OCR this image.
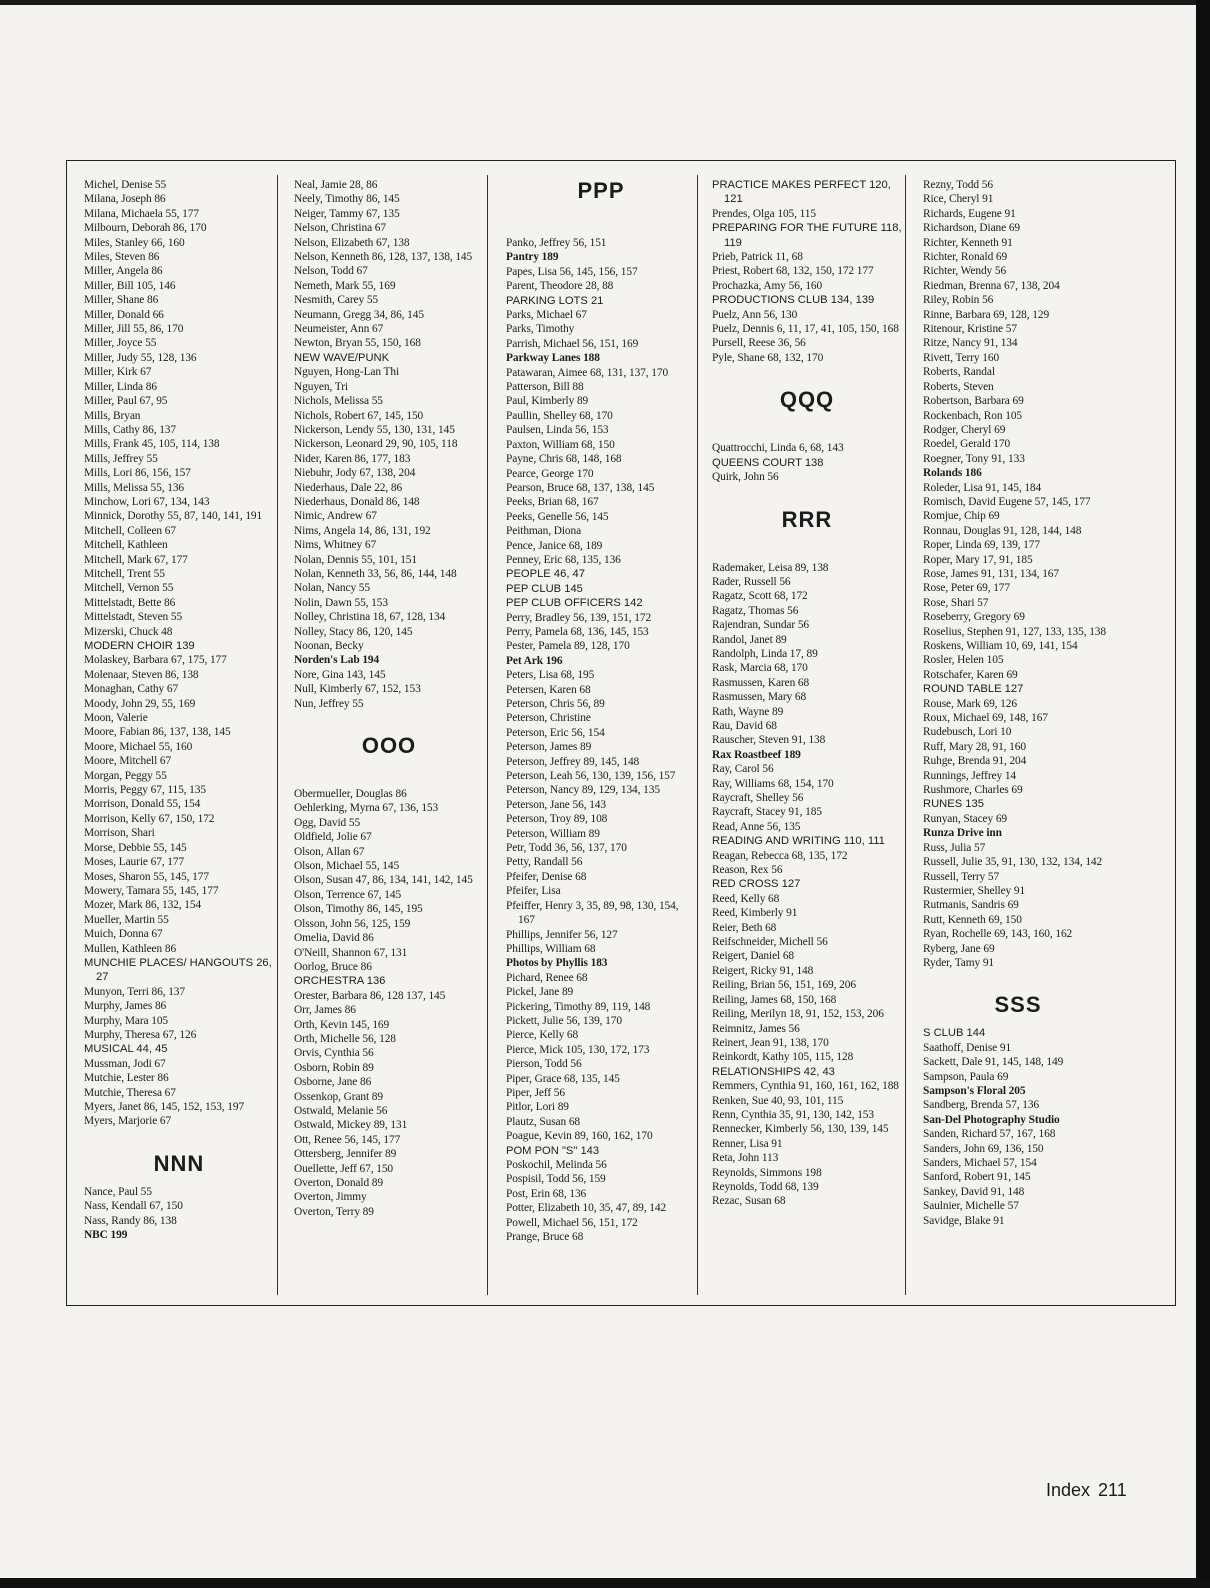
Michel, Denise 55
Milana, Joseph 86
Milana, Michaela 55, 177
Milbourn, Deborah 86, 170
Miles, Stanley 66, 160
Miles, Steven 86
Miller, Angela 86
Miller, Bill 105, 146
Miller, Shane 86
Miller, Donald 66
Miller, Jill 55, 86, 170
Miller, Joyce 55
Miller, Judy 55, 128, 136
Miller, Kirk 67
Miller, Linda 86
Miller, Paul 67, 95
Mills, Bryan
Mills, Cathy 86, 137
Mills, Frank 45, 105, 114, 138
Mills, Jeffrey 55
Mills, Lori 86, 156, 157
Mills, Melissa 55, 136
Minchow, Lori 67, 134, 143
Minnick, Dorothy 55, 87, 140, 141, 191
Mitchell, Colleen 67
Mitchell, Kathleen
Mitchell, Mark 67, 177
Mitchell, Trent 55
Mitchell, Vernon 55
Mittelstadt, Bette 86
Mittelstadt, Steven 55
Mizerski, Chuck 48
MODERN CHOIR 139
Molaskey, Barbara 67, 175, 177
Molenaar, Steven 86, 138
Monaghan, Cathy 67
Moody, John 29, 55, 169
Moon, Valerie
Moore, Fabian 86, 137, 138, 145
Moore, Michael 55, 160
Moore, Mitchell 67
Morgan, Peggy 55
Morris, Peggy 67, 115, 135
Morrison, Donald 55, 154
Morrison, Kelly 67, 150, 172
Morrison, Shari
Morse, Debbie 55, 145
Moses, Laurie 67, 177
Moses, Sharon 55, 145, 177
Mowery, Tamara 55, 145, 177
Mozer, Mark 86, 132, 154
Mueller, Martin 55
Muich, Donna 67
Mullen, Kathleen 86
MUNCHIE PLACES/ HANGOUTS 26, 27
Munyon, Terri 86, 137
Murphy, James 86
Murphy, Mara 105
Murphy, Theresa 67, 126
MUSICAL 44, 45
Mussman, Jodi 67
Mutchie, Lester 86
Mutchie, Theresa 67
Myers, Janet 86, 145, 152, 153, 197
Myers, Marjorie 67
NNN
Nance, Paul 55
Nass, Kendall 67, 150
Nass, Randy 86, 138
NBC 199
Neal, Jamie 28, 86
Neely, Timothy 86, 145
Neiger, Tammy 67, 135
Nelson, Christina 67
Nelson, Elizabeth 67, 138
Nelson, Kenneth 86, 128, 137, 138, 145
Nelson, Todd 67
Nemeth, Mark 55, 169
Nesmith, Carey 55
Neumann, Gregg 34, 86, 145
Neumeister, Ann 67
Newton, Bryan 55, 150, 168
NEW WAVE/PUNK
Nguyen, Hong-Lan Thi
Nguyen, Tri
Nichols, Melissa 55
Nichols, Robert 67, 145, 150
Nickerson, Lendy 55, 130, 131, 145
Nickerson, Leonard 29, 90, 105, 118
Nider, Karen 86, 177, 183
Niebuhr, Jody 67, 138, 204
Niederhaus, Dale 22, 86
Niederhaus, Donald 86, 148
Nimic, Andrew 67
Nims, Angela 14, 86, 131, 192
Nims, Whitney 67
Nolan, Dennis 55, 101, 151
Nolan, Kenneth 33, 56, 86, 144, 148
Nolan, Nancy 55
Nolin, Dawn 55, 153
Nolley, Christina 18, 67, 128, 134
Nolley, Stacy 86, 120, 145
Noonan, Becky
Norden's Lab 194
Nore, Gina 143, 145
Null, Kimberly 67, 152, 153
Nun, Jeffrey 55
OOO
Obermueller, Douglas 86
Oehlerking, Myrna 67, 136, 153
Ogg, David 55
Oldfield, Jolie 67
Olson, Allan 67
Olson, Michael 55, 145
Olson, Susan 47, 86, 134, 141, 142, 145
Olson, Terrence 67, 145
Olson, Timothy 86, 145, 195
Olsson, John 56, 125, 159
Omelia, David 86
O'Neill, Shannon 67, 131
Oorlog, Bruce 86
ORCHESTRA 136
Orester, Barbara 86, 128 137, 145
Orr, James 86
Orth, Kevin 145, 169
Orth, Michelle 56, 128
Orvis, Cynthia 56
Osborn, Robin 89
Osborne, Jane 86
Ossenkop, Grant 89
Ostwald, Melanie 56
Ostwald, Mickey 89, 131
Ott, Renee 56, 145, 177
Ottersberg, Jennifer 89
Ouellette, Jeff 67, 150
Overton, Donald 89
Overton, Jimmy
Overton, Terry 89
PPP
Panko, Jeffrey 56, 151
Pantry 189
Papes, Lisa 56, 145, 156, 157
Parent, Theodore 28, 88
PARKING LOTS 21
Parks, Michael 67
Parks, Timothy
Parrish, Michael 56, 151, 169
Parkway Lanes 188
Patawaran, Aimee 68, 131, 137, 170
Patterson, Bill 88
Paul, Kimberly 89
Paullin, Shelley 68, 170
Paulsen, Linda 56, 153
Paxton, William 68, 150
Payne, Chris 68, 148, 168
Pearce, George 170
Pearson, Bruce 68, 137, 138, 145
Peeks, Brian 68, 167
Peeks, Genelle 56, 145
Peithman, Diona
Pence, Janice 68, 189
Penney, Eric 68, 135, 136
PEOPLE 46, 47
PEP CLUB 145
PEP CLUB OFFICERS 142
Perry, Bradley 56, 139, 151, 172
Perry, Pamela 68, 136, 145, 153
Pester, Pamela 89, 128, 170
Pet Ark 196
Peters, Lisa 68, 195
Petersen, Karen 68
Peterson, Chris 56, 89
Peterson, Christine
Peterson, Eric 56, 154
Peterson, James 89
Peterson, Jeffrey 89, 145, 148
Peterson, Leah 56, 130, 139, 156, 157
Peterson, Nancy 89, 129, 134, 135
Peterson, Jane 56, 143
Peterson, Troy 89, 108
Peterson, William 89
Petr, Todd 36, 56, 137, 170
Petty, Randall 56
Pfeifer, Denise 68
Pfeifer, Lisa
Pfeiffer, Henry 3, 35, 89, 98, 130, 154, 167
Phillips, Jennifer 56, 127
Phillips, William 68
Photos by Phyllis 183
Pichard, Renee 68
Pickel, Jane 89
Pickering, Timothy 89, 119, 148
Pickett, Julie 56, 139, 170
Pierce, Kelly 68
Pierce, Mick 105, 130, 172, 173
Pierson, Todd 56
Piper, Grace 68, 135, 145
Piper, Jeff 56
Pitlor, Lori 89
Plautz, Susan 68
Poague, Kevin 89, 160, 162, 170
POM PON "S" 143
Poskochil, Melinda 56
Pospisil, Todd 56, 159
Post, Erin 68, 136
Potter, Elizabeth 10, 35, 47, 89, 142
Powell, Michael 56, 151, 172
Prange, Bruce 68
PRACTICE MAKES PERFECT 120, 121
Prendes, Olga 105, 115
PREPARING FOR THE FUTURE 118, 119
Prieb, Patrick 11, 68
Priest, Robert 68, 132, 150, 172 177
Prochazka, Amy 56, 160
PRODUCTIONS CLUB 134, 139
Puelz, Ann 56, 130
Puelz, Dennis 6, 11, 17, 41, 105, 150, 168
Pursell, Reese 36, 56
Pyle, Shane 68, 132, 170
QQQ
Quattrocchi, Linda 6, 68, 143
QUEENS COURT 138
Quirk, John 56
RRR
Rademaker, Leisa 89, 138
Rader, Russell 56
Ragatz, Scott 68, 172
Ragatz, Thomas 56
Rajendran, Sundar 56
Randol, Janet 89
Randolph, Linda 17, 89
Rask, Marcia 68, 170
Rasmussen, Karen 68
Rasmussen, Mary 68
Rath, Wayne 89
Rau, David 68
Rauscher, Steven 91, 138
Rax Roastbeef 189
Ray, Carol 56
Ray, Williams 68, 154, 170
Raycraft, Shelley 56
Raycraft, Stacey 91, 185
Read, Anne 56, 135
READING AND WRITING 110, 111
Reagan, Rebecca 68, 135, 172
Reason, Rex 56
RED CROSS 127
Reed, Kelly 68
Reed, Kimberly 91
Reier, Beth 68
Reifschneider, Michell 56
Reigert, Daniel 68
Reigert, Ricky 91, 148
Reiling, Brian 56, 151, 169, 206
Reiling, James 68, 150, 168
Reiling, Merilyn 18, 91, 152, 153, 206
Reimnitz, James 56
Reinert, Jean 91, 138, 170
Reinkordt, Kathy 105, 115, 128
RELATIONSHIPS 42, 43
Remmers, Cynthia 91, 160, 161, 162, 188
Renken, Sue 40, 93, 101, 115
Renn, Cynthia 35, 91, 130, 142, 153
Rennecker, Kimberly 56, 130, 139, 145
Renner, Lisa 91
Reta, John 113
Reynolds, Simmons 198
Reynolds, Todd 68, 139
Rezac, Susan 68
Rezny, Todd 56
Rice, Cheryl 91
Richards, Eugene 91
Richardson, Diane 69
Richter, Kenneth 91
Richter, Ronald 69
Richter, Wendy 56
Riedman, Brenna 67, 138, 204
Riley, Robin 56
Rinne, Barbara 69, 128, 129
Ritenour, Kristine 57
Ritze, Nancy 91, 134
Rivett, Terry 160
Roberts, Randal
Roberts, Steven
Robertson, Barbara 69
Rockenbach, Ron 105
Rodger, Cheryl 69
Roedel, Gerald 170
Roegner, Tony 91, 133
Rolands 186
Roleder, Lisa 91, 145, 184
Romisch, David Eugene 57, 145, 177
Romjue, Chip 69
Ronnau, Douglas 91, 128, 144, 148
Roper, Linda 69, 139, 177
Roper, Mary 17, 91, 185
Rose, James 91, 131, 134, 167
Rose, Peter 69, 177
Rose, Shari 57
Roseberry, Gregory 69
Roselius, Stephen 91, 127, 133, 135, 138
Roskens, William 10, 69, 141, 154
Rosler, Helen 105
Rotschafer, Karen 69
ROUND TABLE 127
Rouse, Mark 69, 126
Roux, Michael 69, 148, 167
Rudebusch, Lori 10
Ruff, Mary 28, 91, 160
Ruhge, Brenda 91, 204
Runnings, Jeffrey 14
Rushmore, Charles 69
RUNES 135
Runyan, Stacey 69
Runza Drive inn
Russ, Julia 57
Russell, Julie 35, 91, 130, 132, 134, 142
Russell, Terry 57
Rustermier, Shelley 91
Rutmanis, Sandris 69
Rutt, Kenneth 69, 150
Ryan, Rochelle 69, 143, 160, 162
Ryberg, Jane 69
Ryder, Tamy 91
SSS
S CLUB 144
Saathoff, Denise 91
Sackett, Dale 91, 145, 148, 149
Sampson, Paula 69
Sampson's Floral 205
Sandberg, Brenda 57, 136
San-Del Photography Studio
Sanden, Richard 57, 167, 168
Sanders, John 69, 136, 150
Sanders, Michael 57, 154
Sanford, Robert 91, 145
Sankey, David 91, 148
Saulnier, Michelle 57
Savidge, Blake 91
Index 211
